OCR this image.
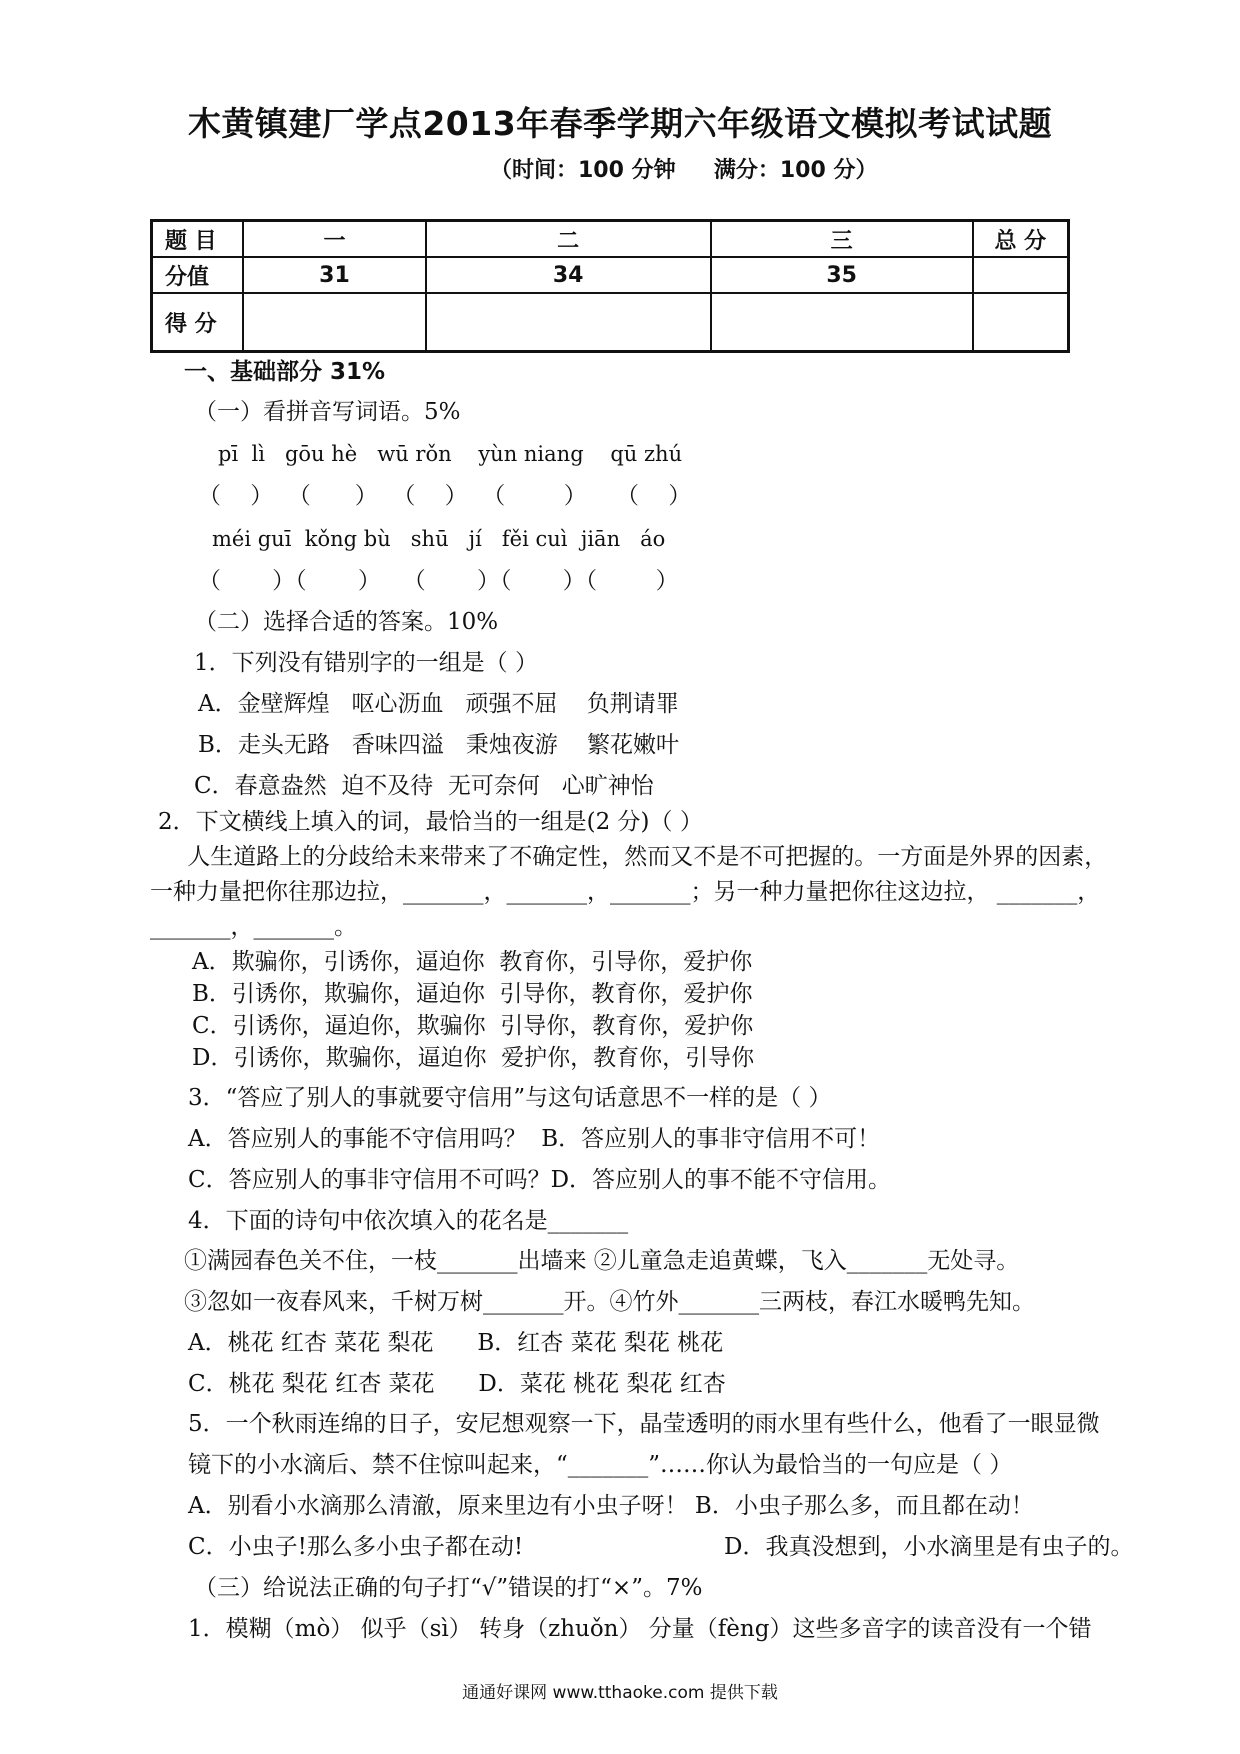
木黄镇建厂学点2013年春季学期六年级语文模拟考试试题
（时间：100 分钟     满分：100 分）
题 目	一	二	三	总 分
分值	31	34	35	
得 分				
一、基础部分 31%
（一）看拼音写词语。5%
pī  lì   gōu hè   wū rǒn    yùn niang    qū zhú
（    ）  （      ）  （    ）  （        ）    （    ）
méi guī  kǒng bù   shū   jí   fěi cuì  jiān   áo
（       ）（       ）   （       ）（       ）（        ）
（二）选择合适的答案。10%
1．下列没有错别字的一组是（ ）
A．金壁辉煌   呕心沥血   顽强不屈    负荆请罪
B．走头无路   香味四溢   秉烛夜游    繁花嫩叶
C．春意盎然  迫不及待  无可奈何   心旷神怡
2．下文横线上填入的词，最恰当的一组是(2 分)（ ）
人生道路上的分歧给未来带来了不确定性，然而又不是不可把握的。一方面是外界的因素，
一种力量把你往那边拉，_______，_______，_______；另一种力量把你往这边拉， _______，
_______，_______。
A．欺骗你，引诱你，逼迫你  教育你，引导你，爱护你
B．引诱你，欺骗你，逼迫你  引导你，教育你，爱护你
C．引诱你，逼迫你，欺骗你  引导你，教育你，爱护你
D．引诱你，欺骗你，逼迫你  爱护你，教育你，引导你
3．“答应了别人的事就要守信用”与这句话意思不一样的是（ ）
A．答应别人的事能不守信用吗？  B．答应别人的事非守信用不可！
C．答应别人的事非守信用不可吗？D．答应别人的事不能不守信用。
4．下面的诗句中依次填入的花名是_______
①满园春色关不住，一枝_______出墙来 ②儿童急走追黄蝶，飞入_______无处寻。
③忽如一夜春风来，千树万树_______开。④竹外_______三两枝，春江水暖鸭先知。
A．桃花 红杏 菜花 梨花      B．红杏 菜花 梨花 桃花
C．桃花 梨花 红杏 菜花      D．菜花 桃花 梨花 红杏
5．一个秋雨连绵的日子，安尼想观察一下，晶莹透明的雨水里有些什么，他看了一眼显微
镜下的小水滴后、禁不住惊叫起来，“_______”……你认为最恰当的一句应是（ ）
A．别看小水滴那么清澈，原来里边有小虫子呀！ B．小虫子那么多，而且都在动！
C．小虫子!那么多小虫子都在动!	D．我真没想到，小水滴里是有虫子的。
（三）给说法正确的句子打“√”错误的打“×”。7%
1．模糊（mò） 似乎（sì） 转身（zhuǒn） 分量（fèng）这些多音字的读音没有一个错
通通好课网 www.tthaoke.com 提供下载
